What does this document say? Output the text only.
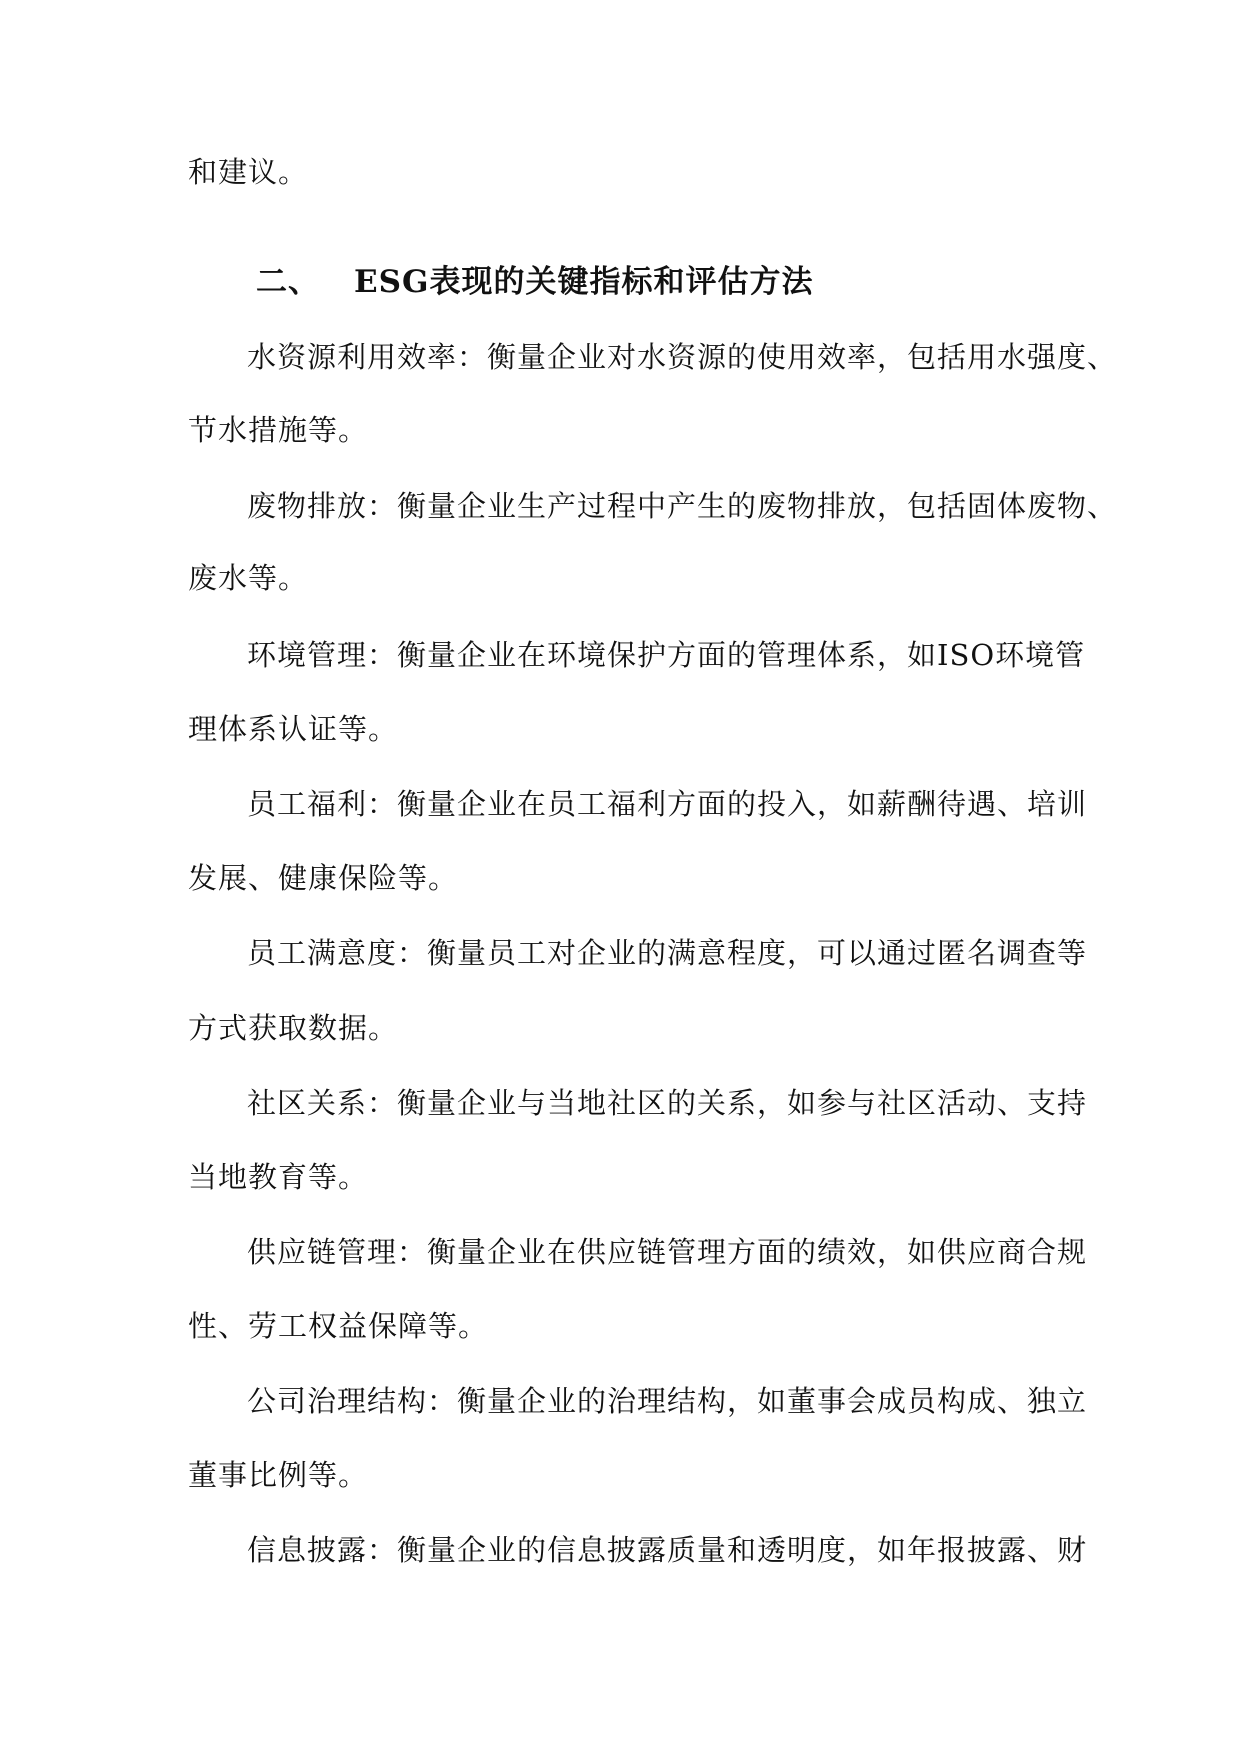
和建议。
二、 ESG表现的关键指标和评估方法
水资源利用效率：衡量企业对水资源的使用效率，包括用水强度、
节水措施等。
废物排放：衡量企业生产过程中产生的废物排放，包括固体废物、
废水等。
环境管理：衡量企业在环境保护方面的管理体系，如ISO环境管
理体系认证等。
员工福利：衡量企业在员工福利方面的投入，如薪酬待遇、培训
发展、健康保险等。
员工满意度：衡量员工对企业的满意程度，可以通过匿名调查等
方式获取数据。
社区关系：衡量企业与当地社区的关系，如参与社区活动、支持
当地教育等。
供应链管理：衡量企业在供应链管理方面的绩效，如供应商合规
性、劳工权益保障等。
公司治理结构：衡量企业的治理结构，如董事会成员构成、独立
董事比例等。
信息披露：衡量企业的信息披露质量和透明度，如年报披露、财
